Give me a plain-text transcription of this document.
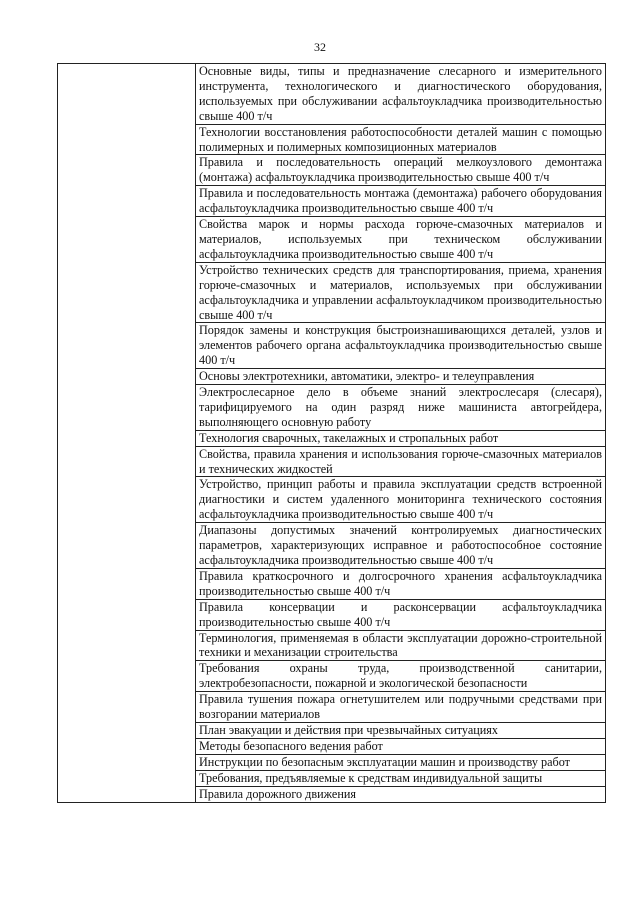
32
	Основные виды, типы и предназначение слесарного и измерительного инструмента, технологического и диагностического оборудования, используемых при обслуживании асфальтоукладчика производительностью свыше 400 т/ч
Технологии восстановления работоспособности деталей машин с помощью полимерных и полимерных композиционных материалов
Правила и последовательность операций мелкоузлового демонтажа (монтажа) асфальтоукладчика производительностью свыше 400 т/ч
Правила и последовательность монтажа (демонтажа) рабочего оборудования асфальтоукладчика производительностью свыше 400 т/ч
Свойства марок и нормы расхода горюче-смазочных материалов и материалов, используемых при техническом обслуживании асфальтоукладчика производительностью свыше 400 т/ч
Устройство технических средств для транспортирования, приема, хранения горюче-смазочных и материалов, используемых при обслуживании асфальтоукладчика и управлении асфальтоукладчиком производительностью свыше 400 т/ч
Порядок замены и конструкция быстроизнашивающихся деталей, узлов и элементов рабочего органа асфальтоукладчика производительностью свыше 400 т/ч
Основы электротехники, автоматики, электро- и телеуправления
Электрослесарное дело в объеме знаний электрослесаря (слесаря), тарифицируемого на один разряд ниже машиниста автогрейдера, выполняющего основную работу
Технология сварочных, такелажных и стропальных работ
Свойства, правила хранения и использования горюче-смазочных материалов и технических жидкостей
Устройство, принцип работы и правила эксплуатации средств встроенной диагностики и систем удаленного мониторинга технического состояния асфальтоукладчика производительностью свыше 400 т/ч
Диапазоны допустимых значений контролируемых диагностических параметров, характеризующих исправное и работоспособное состояние асфальтоукладчика производительностью свыше 400 т/ч
Правила краткосрочного и долгосрочного хранения асфальтоукладчика производительностью свыше 400 т/ч
Правила консервации и расконсервации асфальтоукладчика производительностью свыше 400 т/ч
Терминология, применяемая в области эксплуатации дорожно-строительной техники и механизации строительства
Требования охраны труда, производственной санитарии, электробезопасности, пожарной и экологической безопасности
Правила тушения пожара огнетушителем или подручными средствами при возгорании материалов
План эвакуации и действия при чрезвычайных ситуациях
Методы безопасного ведения работ
Инструкции по безопасным эксплуатации машин и производству работ
Требования, предъявляемые к средствам индивидуальной защиты
Правила дорожного движения
